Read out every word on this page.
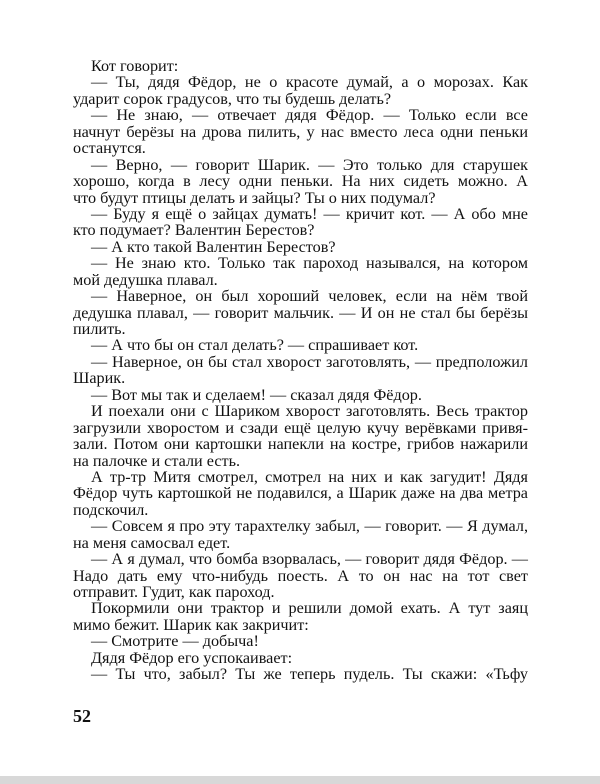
Кот говорит:
— Ты, дядя Фёдор, не о красоте думай, а о морозах. Как
ударит сорок градусов, что ты будешь делать?
— Не знаю, — отвечает дядя Фёдор. — Только если все
начнут берёзы на дрова пилить, у нас вместо леса одни пеньки
останутся.
— Верно, — говорит Шарик. — Это только для старушек
хорошо, когда в лесу одни пеньки. На них сидеть можно. А
что будут птицы делать и зайцы? Ты о них подумал?
— Буду я ещё о зайцах думать! — кричит кот. — А обо мне
кто подумает? Валентин Берестов?
— А кто такой Валентин Берестов?
— Не знаю кто. Только так пароход назывался, на котором
мой дедушка плавал.
— Наверное, он был хороший человек, если на нём твой
дедушка плавал, — говорит мальчик. — И он не стал бы берёзы
пилить.
— А что бы он стал делать? — спрашивает кот.
— Наверное, он бы стал хворост заготовлять, — предположил
Шарик.
— Вот мы так и сделаем! — сказал дядя Фёдор.
И поехали они с Шариком хворост заготовлять. Весь трактор
загрузили хворостом и сзади ещё целую кучу верёвками привя-
зали. Потом они картошки напекли на костре, грибов нажарили
на палочке и стали есть.
А тр-тр Митя смотрел, смотрел на них и как загудит! Дядя
Фёдор чуть картошкой не подавился, а Шарик даже на два метра
подскочил.
— Совсем я про эту тарахтелку забыл, — говорит. — Я думал,
на меня самосвал едет.
— А я думал, что бомба взорвалась, — говорит дядя Фёдор. —
Надо дать ему что-нибудь поесть. А то он нас на тот свет
отправит. Гудит, как пароход.
Покормили они трактор и решили домой ехать. А тут заяц
мимо бежит. Шарик как закричит:
— Смотрите — добыча!
Дядя Фёдор его успокаивает:
— Ты что, забыл? Ты же теперь пудель. Ты скажи: «Тьфу
52
